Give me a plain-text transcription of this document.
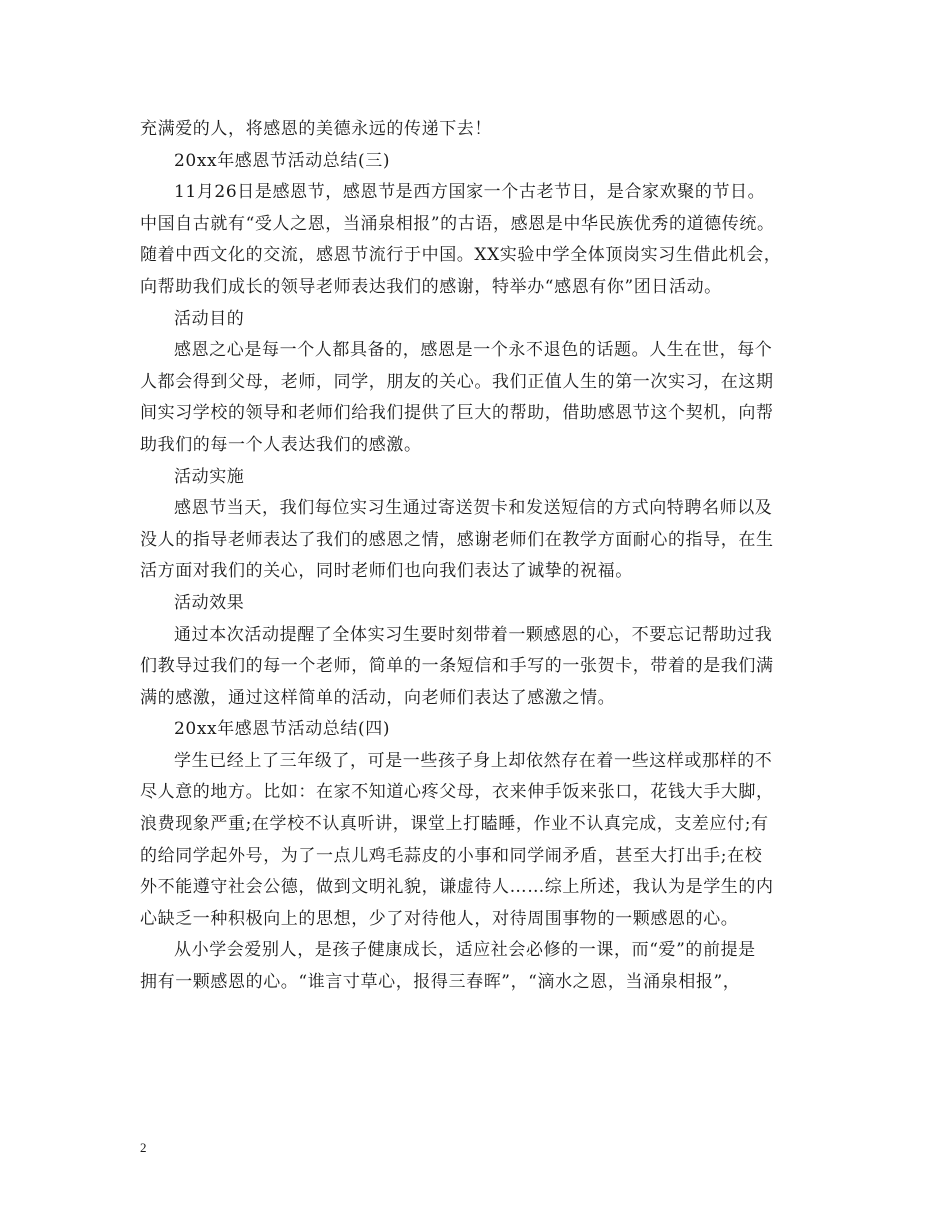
充满爱的人，将感恩的美德永远的传递下去！
20xx年感恩节活动总结(三)
11月26日是感恩节，感恩节是西方国家一个古老节日，是合家欢聚的节日。
中国自古就有“受人之恩，当涌泉相报”的古语，感恩是中华民族优秀的道德传统。
随着中西文化的交流，感恩节流行于中国。XX实验中学全体顶岗实习生借此机会，
向帮助我们成长的领导老师表达我们的感谢，特举办“感恩有你”团日活动。
活动目的
感恩之心是每一个人都具备的，感恩是一个永不退色的话题。人生在世，每个
人都会得到父母，老师，同学，朋友的关心。我们正值人生的第一次实习，在这期
间实习学校的领导和老师们给我们提供了巨大的帮助，借助感恩节这个契机，向帮
助我们的每一个人表达我们的感激。
活动实施
感恩节当天，我们每位实习生通过寄送贺卡和发送短信的方式向特聘名师以及
没人的指导老师表达了我们的感恩之情，感谢老师们在教学方面耐心的指导，在生
活方面对我们的关心，同时老师们也向我们表达了诚挚的祝福。
活动效果
通过本次活动提醒了全体实习生要时刻带着一颗感恩的心，不要忘记帮助过我
们教导过我们的每一个老师，简单的一条短信和手写的一张贺卡，带着的是我们满
满的感激，通过这样简单的活动，向老师们表达了感激之情。
20xx年感恩节活动总结(四)
学生已经上了三年级了，可是一些孩子身上却依然存在着一些这样或那样的不
尽人意的地方。比如：在家不知道心疼父母，衣来伸手饭来张口，花钱大手大脚，
浪费现象严重;在学校不认真听讲，课堂上打瞌睡，作业不认真完成，支差应付;有
的给同学起外号，为了一点儿鸡毛蒜皮的小事和同学闹矛盾，甚至大打出手;在校
外不能遵守社会公德，做到文明礼貌，谦虚待人……综上所述，我认为是学生的内
心缺乏一种积极向上的思想，少了对待他人，对待周围事物的一颗感恩的心。
从小学会爱别人，是孩子健康成长，适应社会必修的一课，而“爱”的前提是
拥有一颗感恩的心。“谁言寸草心，报得三春晖”，“滴水之恩，当涌泉相报”，
2
